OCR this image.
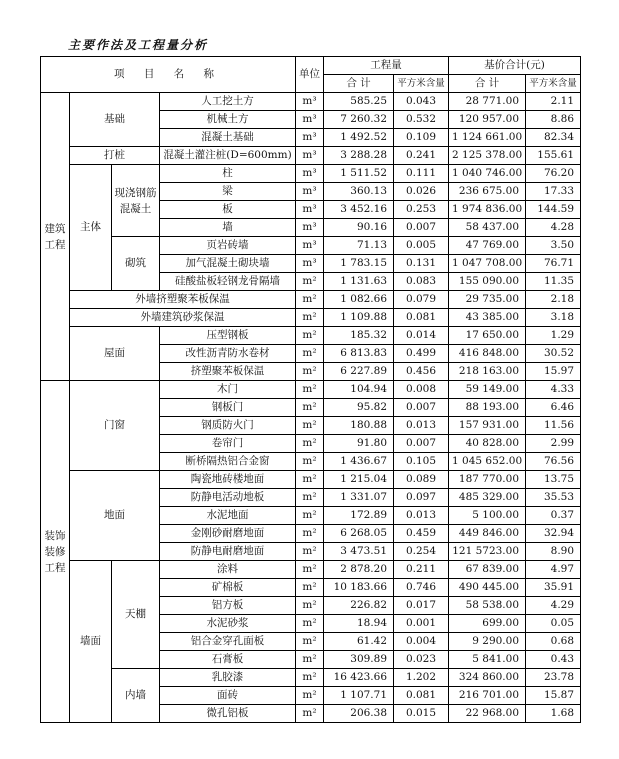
主要作法及工程量分析
项 目 名 称				单位	工程量		基价合计(元)	
					合 计	平方米含量	合 计	平方米含量
建筑工程	基础		人工挖土方	m³	585.25	0.043	28 771.00	2.11
			机械土方	m³	7 260.32	0.532	120 957.00	8.86
			混凝土基础	m³	1 492.52	0.109	1 124 661.00	82.34
	打桩		混凝土灌注桩(D=600mm)	m³	3 288.28	0.241	2 125 378.00	155.61
	主体	现浇钢筋混凝土	柱	m³	1 511.52	0.111	1 040 746.00	76.20
			梁	m³	360.13	0.026	236 675.00	17.33
			板	m³	3 452.16	0.253	1 974 836.00	144.59
			墙	m³	90.16	0.007	58 437.00	4.28
		砌筑	页岩砖墙	m³	71.13	0.005	47 769.00	3.50
			加气混凝土砌块墙	m³	1 783.15	0.131	1 047 708.00	76.71
			硅酸盐板轻钢龙骨隔墙	m²	1 131.63	0.083	155 090.00	11.35
	外墙挤塑聚苯板保温			m²	1 082.66	0.079	29 735.00	2.18
	外墙建筑砂浆保温			m²	1 109.88	0.081	43 385.00	3.18
	屋面		压型钢板	m²	185.32	0.014	17 650.00	1.29
			改性沥青防水卷材	m²	6 813.83	0.499	416 848.00	30.52
			挤塑聚苯板保温	m²	6 227.89	0.456	218 163.00	15.97
装饰装修工程	门窗		木门	m²	104.94	0.008	59 149.00	4.33
			钢板门	m²	95.82	0.007	88 193.00	6.46
			钢质防火门	m²	180.88	0.013	157 931.00	11.56
			卷帘门	m²	91.80	0.007	40 828.00	2.99
			断桥隔热铝合金窗	m²	1 436.67	0.105	1 045 652.00	76.56
	地面		陶瓷地砖楼地面	m²	1 215.04	0.089	187 770.00	13.75
			防静电活动地板	m²	1 331.07	0.097	485 329.00	35.53
			水泥地面	m²	172.89	0.013	5 100.00	0.37
			金刚砂耐磨地面	m²	6 268.05	0.459	449 846.00	32.94
			防静电耐磨地面	m²	3 473.51	0.254	121 5723.00	8.90
	墙面	天棚	涂料	m²	2 878.20	0.211	67 839.00	4.97
			矿棉板	m²	10 183.66	0.746	490 445.00	35.91
			铝方板	m²	226.82	0.017	58 538.00	4.29
			水泥砂浆	m²	18.94	0.001	699.00	0.05
			铝合金穿孔面板	m²	61.42	0.004	9 290.00	0.68
			石膏板	m²	309.89	0.023	5 841.00	0.43
		内墙	乳胶漆	m²	16 423.66	1.202	324 860.00	23.78
			面砖	m²	1 107.71	0.081	216 701.00	15.87
			微孔铝板	m²	206.38	0.015	22 968.00	1.68
